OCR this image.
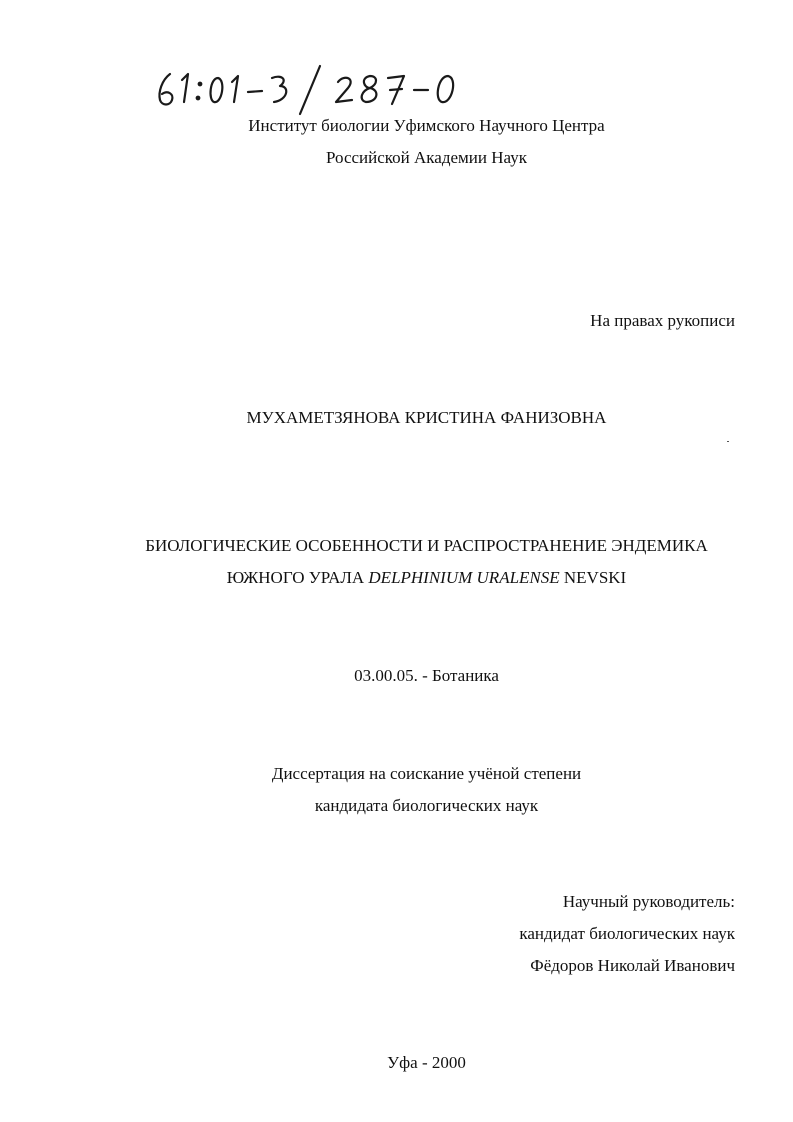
Институт биологии Уфимского Научного Центра
Российской Академии Наук
На правах рукописи
МУХАМЕТЗЯНОВА КРИСТИНА ФАНИЗОВНА
БИОЛОГИЧЕСКИЕ ОСОБЕННОСТИ И РАСПРОСТРАНЕНИЕ ЭНДЕМИКА
ЮЖНОГО УРАЛА DELPHINIUM URALENSE NEVSKI
03.00.05. - Ботаника
Диссертация на соискание учёной степени
кандидата биологических наук
Научный руководитель:
кандидат биологических наук
Фёдоров Николай Иванович
Уфа - 2000
